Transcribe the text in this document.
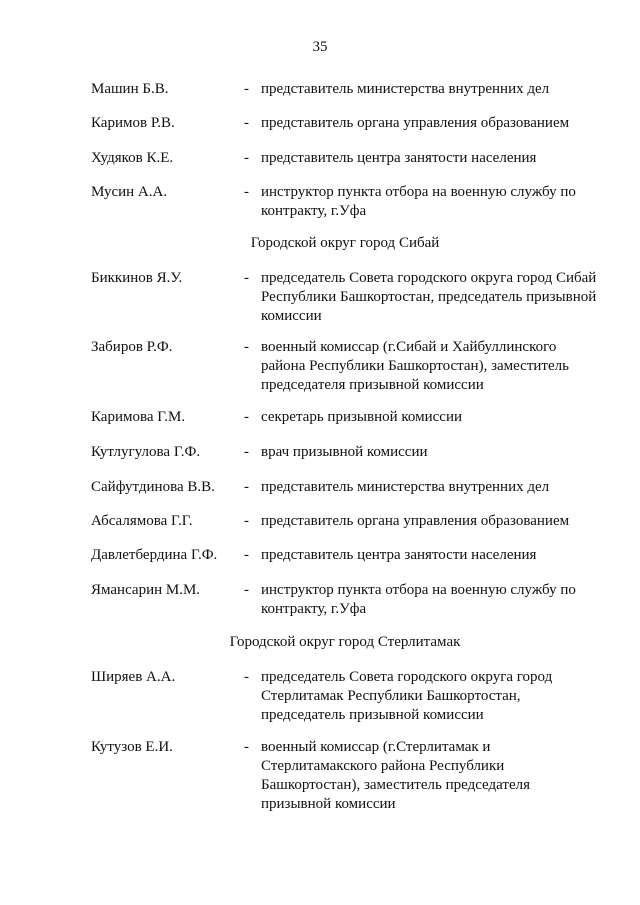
35
Машин Б.В.	- представитель министерства внутренних дел
Каримов Р.В.	- представитель органа управления образованием
Худяков К.Е.	- представитель центра занятости населения
Мусин А.А.	- инструктор пункта отбора на военную службу по контракту, г.Уфа
Городской округ город Сибай
Биккинов Я.У.	- председатель Совета городского округа город Сибай Республики Башкортостан, председатель призывной комиссии
Забиров Р.Ф.	- военный комиссар (г.Сибай и Хайбуллинского района Республики Башкортостан), заместитель председателя призывной комиссии
Каримова Г.М.	- секретарь призывной комиссии
Кутлугулова Г.Ф.	- врач призывной комиссии
Сайфутдинова В.В. - представитель министерства внутренних дел
Абсалямова Г.Г.	- представитель органа управления образованием
Давлетбердина Г.Ф. - представитель центра занятости населения
Ямансарин М.М.	- инструктор пункта отбора на военную службу по контракту, г.Уфа
Городской округ город Стерлитамак
Ширяев А.А.	- председатель Совета городского округа город Стерлитамак Республики Башкортостан, председатель призывной комиссии
Кутузов Е.И.	- военный комиссар (г.Стерлитамак и Стерлитамакского района Республики Башкортостан), заместитель председателя призывной комиссии
